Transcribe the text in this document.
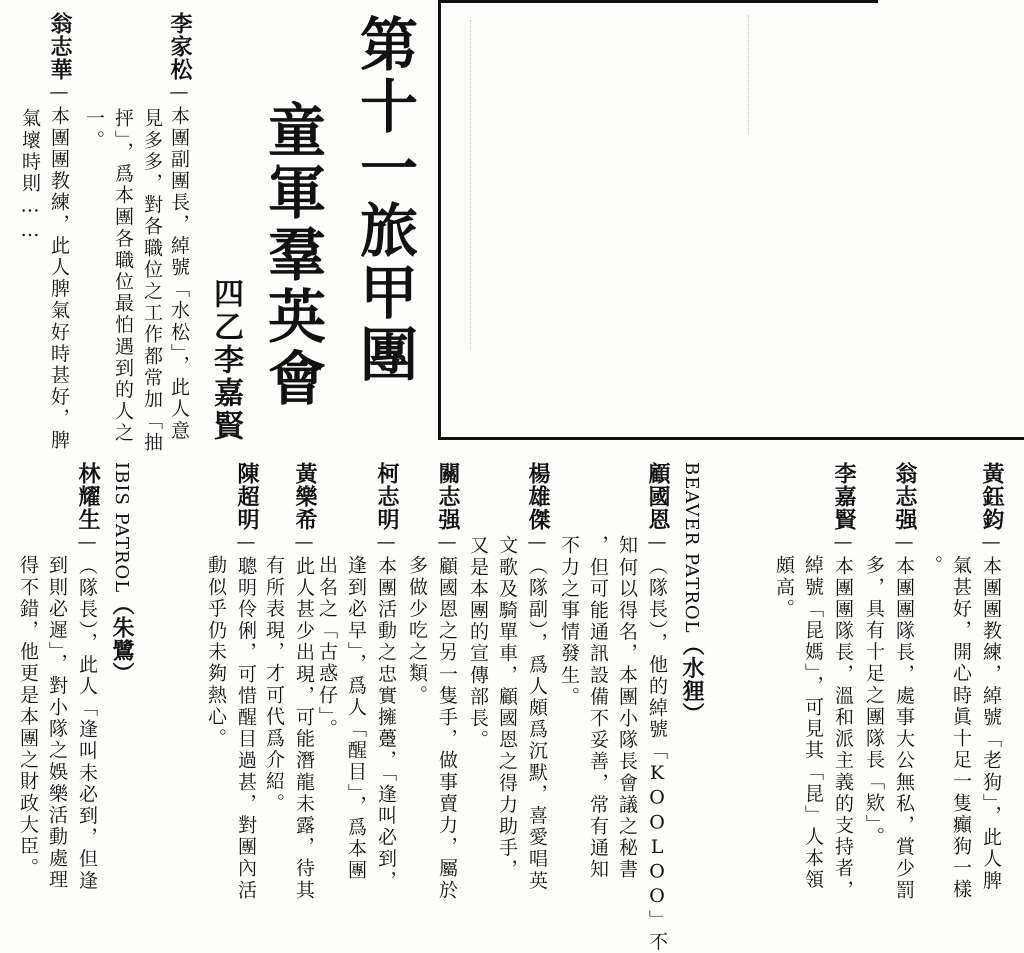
第十一旅甲團
童軍羣英會
四乙李嘉賢
李家松—本團副團長，綽號「水松」，此人意
見多多，對各職位之工作都常加「抽
抨」，爲本團各職位最怕遇到的人之
一。
翁志華—本團團教練，此人脾氣好時甚好，脾
氣壞時則……
黃鈺鈞—本團團教練，綽號「老狗」，此人脾
氣甚好，開心時眞十足一隻癲狗一樣
。
翁志强—本團團隊長，處事大公無私，賞少罰
多，具有十足之團隊長「欵」。
李嘉賢—本團團隊長，溫和派主義的支持者，
綽號「昆媽」，可見其「昆」人本領
頗高。
BEAVER PATROL（水狸）
顧國恩—（隊長），他的綽號「KOOLOO」不
知何以得名，本團小隊長會議之秘書
，但可能通訊設備不妥善，常有通知
不力之事情發生。
楊雄傑—（隊副），爲人頗爲沉默，喜愛唱英
文歌及騎單車，顧國恩之得力助手，
又是本團的宣傳部長。
關志强—顧國恩之另一隻手，做事賣力，屬於
多做少吃之類。
柯志明—本團活動之忠實擁躉，「逢叫必到，
逢到必早」，爲人「醒目」，爲本團
出名之「古惑仔」。
黃樂希—此人甚少出現，可能潛龍未露，待其
有所表現，才可代爲介紹。
陳超明—聰明伶俐，可惜醒目過甚，對團內活
動似乎仍未夠熱心。
IBIS PATROL（朱鷺）
林耀生—（隊長），此人「逢叫未必到，但逢
到則必遲」，對小隊之娛樂活動處理
得不錯，他更是本團之財政大臣。
